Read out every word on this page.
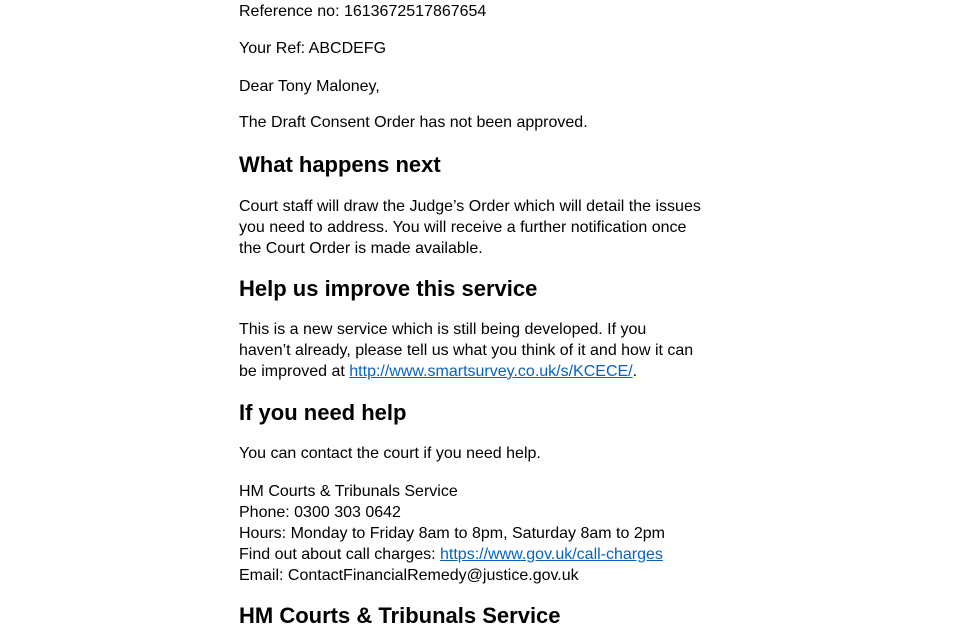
Reference no: 1613672517867654

Your Ref: ABCDEFG

Dear Tony Maloney,

The Draft Consent Order has not been approved.

What happens next

Court staff will draw the Judge’s Order which will detail the issues
you need to address. You will receive a further notification once
the Court Order is made available.

Help us improve this service

This is a new service which is still being developed. If you
haven’t already, please tell us what you think of it and how it can
be improved at http://www.smartsurvey.co.uk/s/KCECE/.

If you need help

You can contact the court if you need help.

HM Courts & Tribunals Service
Phone: 0300 303 0642
Hours: Monday to Friday 8am to 8pm, Saturday 8am to 2pm
Find out about call charges: https://www.gov.uk/call-charges
Email: ContactFinancialRemedy@justice.gov.uk

HM Courts & Tribunals Service
